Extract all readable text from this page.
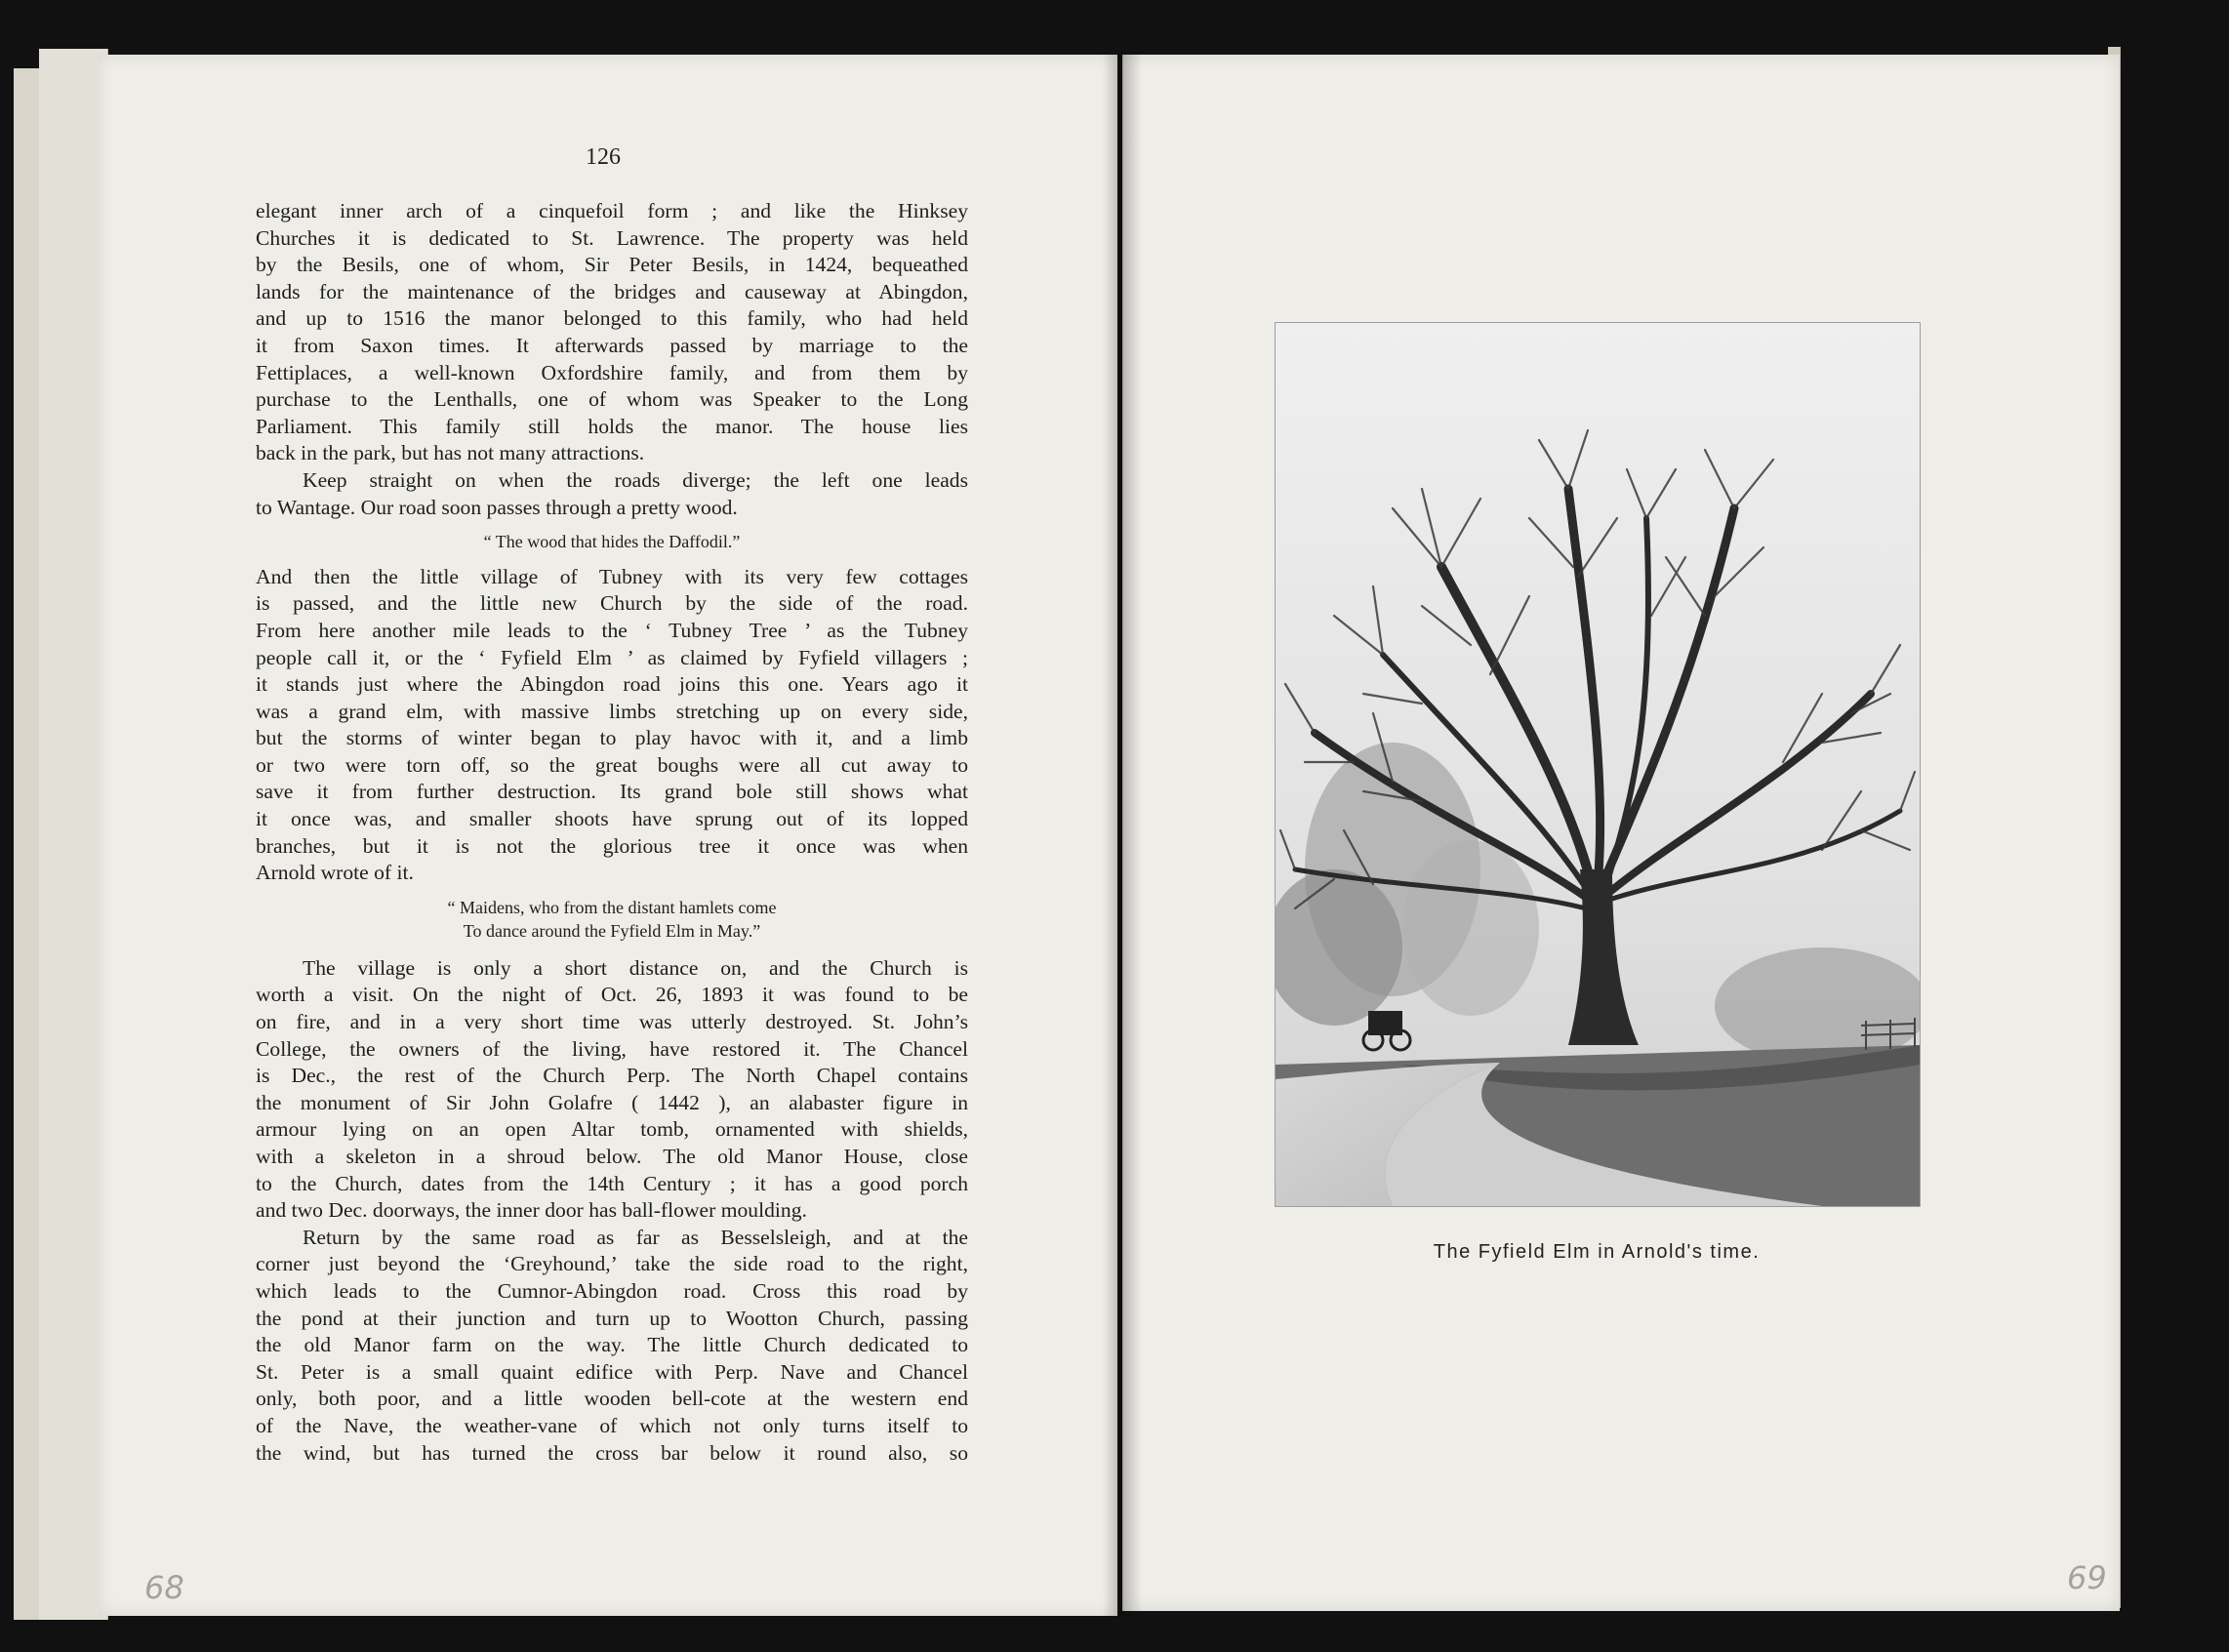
126
elegant inner arch of a cinquefoil form ; and like the Hinksey
Churches it is dedicated to St. Lawrence. The property was held
by the Besils, one of whom, Sir Peter Besils, in 1424, bequeathed
lands for the maintenance of the bridges and causeway at Abingdon,
and up to 1516 the manor belonged to this family, who had held
it from Saxon times. It afterwards passed by marriage to the
Fettiplaces, a well-known Oxfordshire family, and from them by
purchase to the Lenthalls, one of whom was Speaker to the Long
Parliament. This family still holds the manor. The house lies
back in the park, but has not many attractions.
Keep straight on when the roads diverge; the left one leads
to Wantage. Our road soon passes through a pretty wood.
“ The wood that hides the Daffodil.”
And then the little village of Tubney with its very few cottages
is passed, and the little new Church by the side of the road.
From here another mile leads to the ‘ Tubney Tree ’ as the Tubney
people call it, or the ‘ Fyfield Elm ’ as claimed by Fyfield villagers ;
it stands just where the Abingdon road joins this one. Years ago it
was a grand elm, with massive limbs stretching up on every side,
but the storms of winter began to play havoc with it, and a limb
or two were torn off, so the great boughs were all cut away to
save it from further destruction. Its grand bole still shows what
it once was, and smaller shoots have sprung out of its lopped
branches, but it is not the glorious tree it once was when
Arnold wrote of it.
“ Maidens, who from the distant hamlets come
To dance around the Fyfield Elm in May.”
The village is only a short distance on, and the Church is
worth a visit. On the night of Oct. 26, 1893 it was found to be
on fire, and in a very short time was utterly destroyed. St. John’s
College, the owners of the living, have restored it. The Chancel
is Dec., the rest of the Church Perp. The North Chapel contains
the monument of Sir John Golafre ( 1442 ), an alabaster figure in
armour lying on an open Altar tomb, ornamented with shields,
with a skeleton in a shroud below. The old Manor House, close
to the Church, dates from the 14th Century ; it has a good porch
and two Dec. doorways, the inner door has ball-flower moulding.
Return by the same road as far as Besselsleigh, and at the
corner just beyond the ‘Greyhound,’ take the side road to the right,
which leads to the Cumnor-Abingdon road. Cross this road by
the pond at their junction and turn up to Wootton Church, passing
the old Manor farm on the way. The little Church dedicated to
St. Peter is a small quaint edifice with Perp. Nave and Chancel
only, both poor, and a little wooden bell-cote at the western end
of the Nave, the weather-vane of which not only turns itself to
the wind, but has turned the cross bar below it round also, so
The Fyfield Elm in Arnold's time.
68	69
